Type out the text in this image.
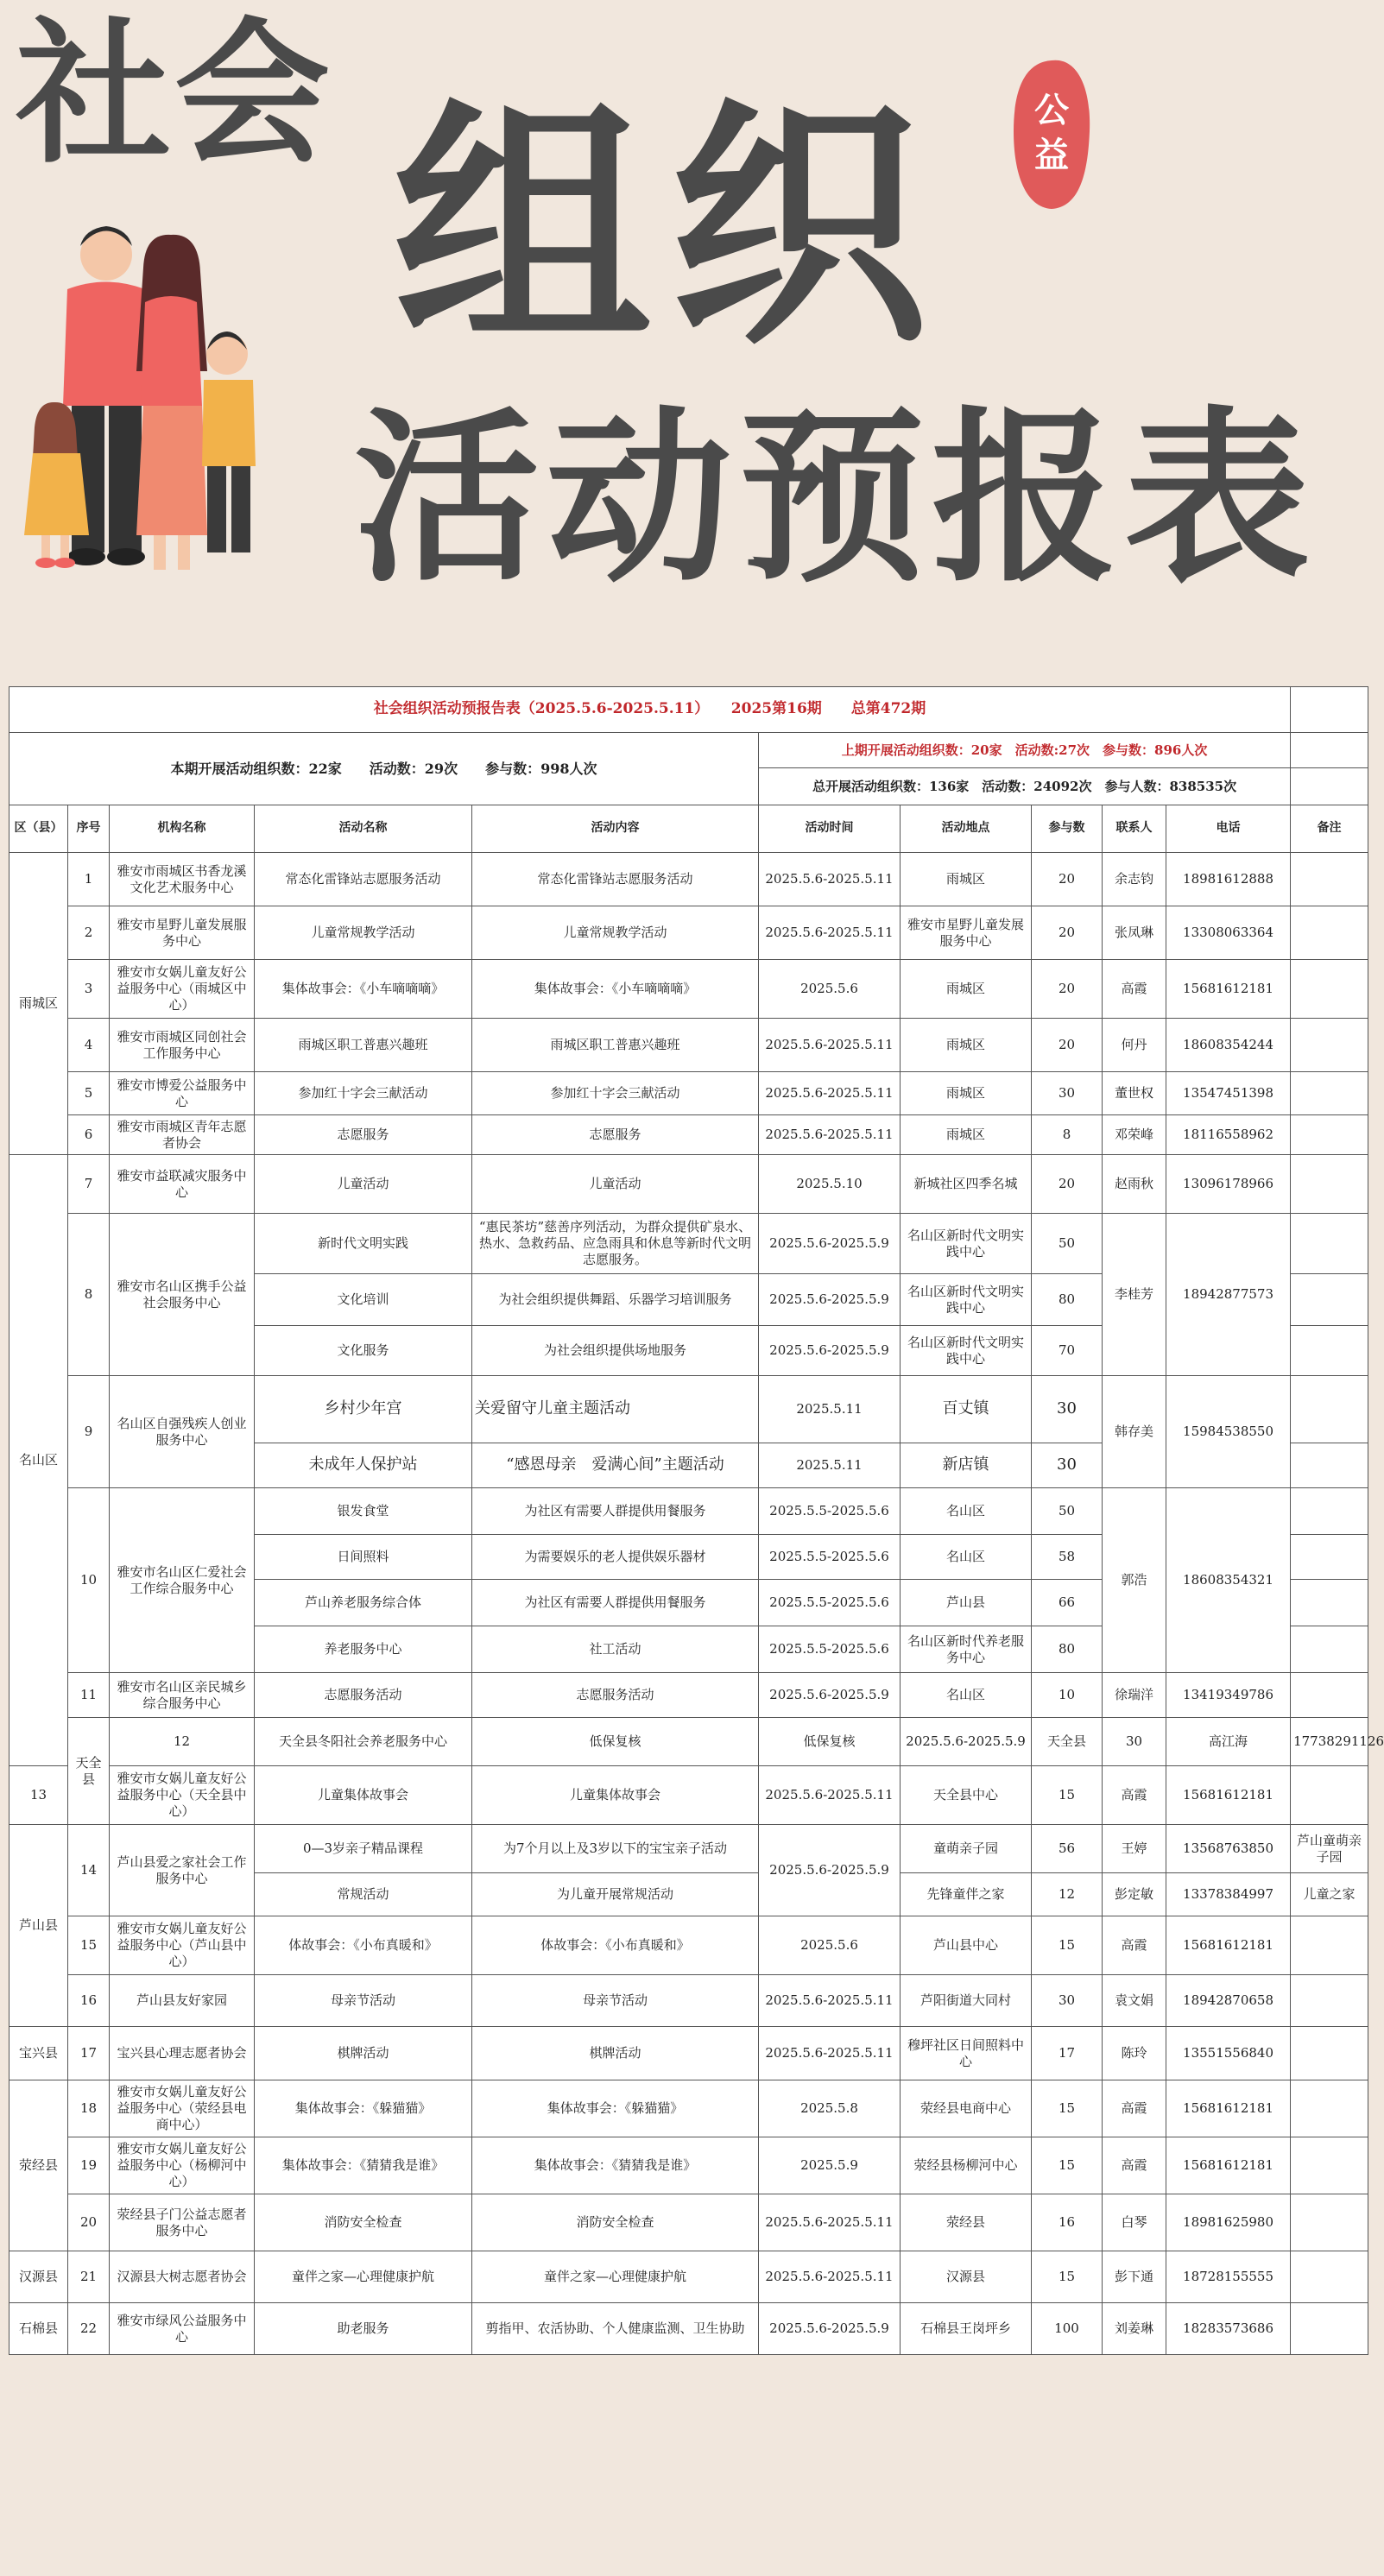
社会 组织
活动预报表
公益
社会组织活动预报告表（2025.5.6-2025.5.11）　　2025第16期　　总第472期											
本期开展活动组织数：22家　　活动数：29次　　参与数：998人次					上期开展活动组织数：20家　活动数:27次　参与数：896人次						
					总开展活动组织数：136家　活动数：24092次　参与人数：838535次						
区（县）	序号	机构名称	活动名称	活动内容	活动时间	活动地点	参与数	联系人	电话	备注	
雨城区	1	雅安市雨城区书香龙溪文化艺术服务中心	常态化雷锋站志愿服务活动	常态化雷锋站志愿服务活动	2025.5.6-2025.5.11	雨城区	20	余志钧	18981612888		
	2	雅安市星野儿童发展服务中心	儿童常规教学活动	儿童常规教学活动	2025.5.6-2025.5.11	雅安市星野儿童发展服务中心	20	张凤琳	13308063364		
	3	雅安市女娲儿童友好公益服务中心（雨城区中心）	集体故事会：《小车嘀嘀嘀》	集体故事会：《小车嘀嘀嘀》	2025.5.6	雨城区	20	高霞	15681612181		
	4	雅安市雨城区同创社会工作服务中心	雨城区职工普惠兴趣班	雨城区职工普惠兴趣班	2025.5.6-2025.5.11	雨城区	20	何丹	18608354244		
	5	雅安市博爱公益服务中心	参加红十字会三献活动	参加红十字会三献活动	2025.5.6-2025.5.11	雨城区	30	董世权	13547451398		
	6	雅安市雨城区青年志愿者协会	志愿服务	志愿服务	2025.5.6-2025.5.11	雨城区	8	邓荣峰	18116558962		
名山区	7	雅安市益联减灾服务中心	儿童活动	儿童活动	2025.5.10	新城社区四季名城	20	赵雨秋	13096178966		
	8	雅安市名山区携手公益社会服务中心	新时代文明实践	“惠民茶坊”慈善序列活动，为群众提供矿泉水、热水、急救药品、应急雨具和休息等新时代文明志愿服务。	2025.5.6-2025.5.9	名山区新时代文明实践中心	50	李桂芳	18942877573		
			文化培训	为社会组织提供舞蹈、乐器学习培训服务	2025.5.6-2025.5.9	名山区新时代文明实践中心	80				
			文化服务	为社会组织提供场地服务	2025.5.6-2025.5.9	名山区新时代文明实践中心	70				
	9	名山区自强残疾人创业服务中心	乡村少年宫	关爱留守儿童主题活动	2025.5.11	百丈镇	30	韩存美	15984538550		
			未成年人保护站	“感恩母亲　爱满心间”主题活动	2025.5.11	新店镇	30				
	10	雅安市名山区仁爱社会工作综合服务中心	银发食堂	为社区有需要人群提供用餐服务	2025.5.5-2025.5.6	名山区	50	郭浩	18608354321		
			日间照料	为需要娱乐的老人提供娱乐器材	2025.5.5-2025.5.6	名山区	58				
			芦山养老服务综合体	为社区有需要人群提供用餐服务	2025.5.5-2025.5.6	芦山县	66				
			养老服务中心	社工活动	2025.5.5-2025.5.6	名山区新时代养老服务中心	80				
	11	雅安市名山区亲民城乡综合服务中心	志愿服务活动	志愿服务活动	2025.5.6-2025.5.9	名山区	10	徐瑞洋	13419349786		
	天全县	12	天全县冬阳社会养老服务中心	低保复核	低保复核	2025.5.6-2025.5.9	天全县	30	高江海	17738291126	
13		雅安市女娲儿童友好公益服务中心（天全县中心）	儿童集体故事会	儿童集体故事会	2025.5.6-2025.5.11	天全县中心	15	高霞	15681612181		
芦山县	14	芦山县爱之家社会工作服务中心	0—3岁亲子精品课程	为7个月以上及3岁以下的宝宝亲子活动	2025.5.6-2025.5.9	童萌亲子园	56	王婷	13568763850	芦山童萌亲子园	
			常规活动	为儿童开展常规活动		先锋童伴之家	12	彭定敏	13378384997	儿童之家	
	15	雅安市女娲儿童友好公益服务中心（芦山县中心）	体故事会：《小布真暖和》	体故事会：《小布真暖和》	2025.5.6	芦山县中心	15	高霞	15681612181		
	16	芦山县友好家园	母亲节活动	母亲节活动	2025.5.6-2025.5.11	芦阳街道大同村	30	袁文娟	18942870658		
宝兴县	17	宝兴县心理志愿者协会	棋牌活动	棋牌活动	2025.5.6-2025.5.11	穆坪社区日间照料中心	17	陈玲	13551556840		
荥经县	18	雅安市女娲儿童友好公益服务中心（荥经县电商中心）	集体故事会：《躲猫猫》	集体故事会：《躲猫猫》	2025.5.8	荥经县电商中心	15	高霞	15681612181		
	19	雅安市女娲儿童友好公益服务中心（杨柳河中心）	集体故事会：《猜猜我是谁》	集体故事会：《猜猜我是谁》	2025.5.9	荥经县杨柳河中心	15	高霞	15681612181		
	20	荥经县子门公益志愿者服务中心	消防安全检查	消防安全检查	2025.5.6-2025.5.11	荥经县	16	白琴	18981625980		
汉源县	21	汉源县大树志愿者协会	童伴之家—心理健康护航	童伴之家—心理健康护航	2025.5.6-2025.5.11	汉源县	15	彭下通	18728155555		
石棉县	22	雅安市绿风公益服务中心	助老服务	剪指甲、农活协助、个人健康监测、卫生协助	2025.5.6-2025.5.9	石棉县王岗坪乡	100	刘姜琳	18283573686		
